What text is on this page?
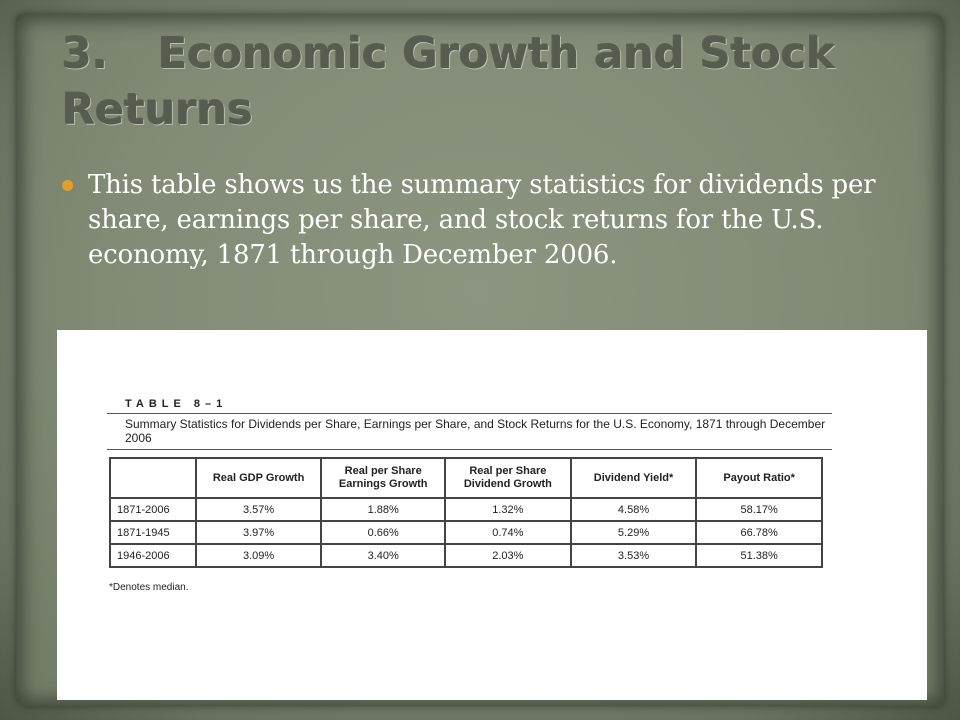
3. Economic Growth and Stock Returns
This table shows us the summary statistics for dividends per share, earnings per share, and stock returns for the U.S. economy, 1871 through December 2006.
TABLE 8–1
Summary Statistics for Dividends per Share, Earnings per Share, and Stock Returns for the U.S. Economy, 1871 through December 2006
	Real GDP Growth	Real per Share Earnings Growth	Real per Share Dividend Growth	Dividend Yield*	Payout Ratio*
1871-2006	3.57%	1.88%	1.32%	4.58%	58.17%
1871-1945	3.97%	0.66%	0.74%	5.29%	66.78%
1946-2006	3.09%	3.40%	2.03%	3.53%	51.38%
*Denotes median.
